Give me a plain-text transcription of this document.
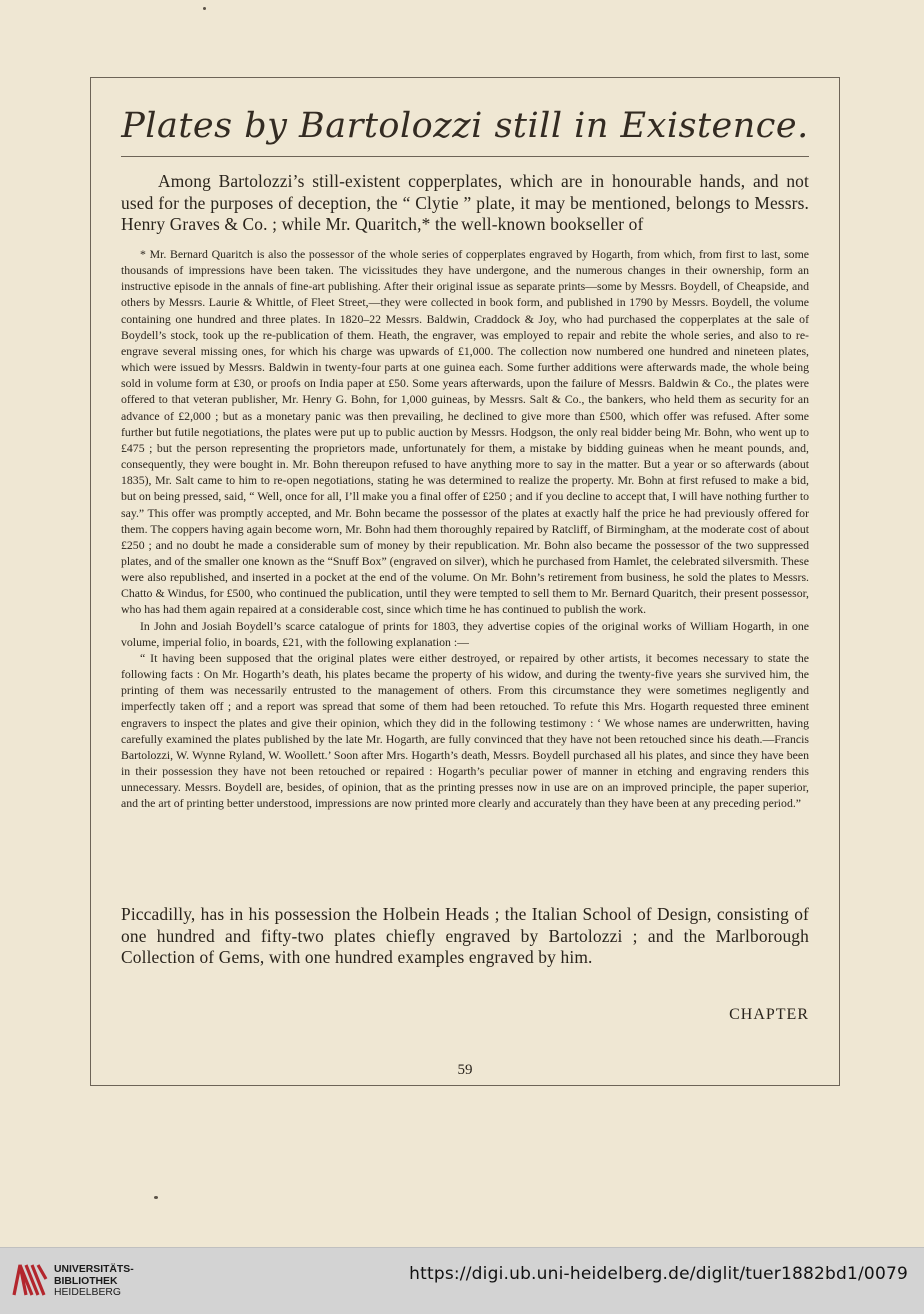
Plates by Bartolozzi still in Existence.

Among Bartolozzi’s still-existent copperplates, which are in honourable hands, and not used for the purposes of deception, the “ Clytie ” plate, it may be mentioned, belongs to Messrs. Henry Graves & Co. ; while Mr. Quaritch,* the well-known bookseller of

* Mr. Bernard Quaritch is also the possessor of the whole series of copperplates engraved by Hogarth, from which, from first to last, some thousands of impressions have been taken. The vicissitudes they have undergone, and the numerous changes in their ownership, form an instructive episode in the annals of fine-art publishing. After their original issue as separate prints—some by Messrs. Boydell, of Cheapside, and others by Messrs. Laurie & Whittle, of Fleet Street,—they were collected in book form, and published in 1790 by Messrs. Boydell, the volume containing one hundred and three plates. In 1820–22 Messrs. Baldwin, Craddock & Joy, who had purchased the copperplates at the sale of Boydell’s stock, took up the re-publication of them. Heath, the engraver, was employed to repair and rebite the whole series, and also to re-engrave several missing ones, for which his charge was upwards of £1,000. The collection now numbered one hundred and nineteen plates, which were issued by Messrs. Baldwin in twenty-four parts at one guinea each. Some further additions were afterwards made, the whole being sold in volume form at £30, or proofs on India paper at £50. Some years afterwards, upon the failure of Messrs. Baldwin & Co., the plates were offered to that veteran publisher, Mr. Henry G. Bohn, for 1,000 guineas, by Messrs. Salt & Co., the bankers, who held them as security for an advance of £2,000 ; but as a monetary panic was then prevailing, he declined to give more than £500, which offer was refused. After some further but futile negotiations, the plates were put up to public auction by Messrs. Hodgson, the only real bidder being Mr. Bohn, who went up to £475 ; but the person representing the proprietors made, unfortunately for them, a mistake by bidding guineas when he meant pounds, and, consequently, they were bought in. Mr. Bohn thereupon refused to have anything more to say in the matter. But a year or so afterwards (about 1835), Mr. Salt came to him to re-open negotiations, stating he was determined to realize the property. Mr. Bohn at first refused to make a bid, but on being pressed, said, “ Well, once for all, I’ll make you a final offer of £250 ; and if you decline to accept that, I will have nothing further to say.” This offer was promptly accepted, and Mr. Bohn became the possessor of the plates at exactly half the price he had previously offered for them. The coppers having again become worn, Mr. Bohn had them thoroughly repaired by Ratcliff, of Birmingham, at the moderate cost of about £250 ; and no doubt he made a considerable sum of money by their republication. Mr. Bohn also became the possessor of the two suppressed plates, and of the smaller one known as the “Snuff Box” (engraved on silver), which he purchased from Hamlet, the celebrated silversmith. These were also republished, and inserted in a pocket at the end of the volume. On Mr. Bohn’s retirement from business, he sold the plates to Messrs. Chatto & Windus, for £500, who continued the publication, until they were tempted to sell them to Mr. Bernard Quaritch, their present possessor, who has had them again repaired at a considerable cost, since which time he has continued to publish the work.

In John and Josiah Boydell’s scarce catalogue of prints for 1803, they advertise copies of the original works of William Hogarth, in one volume, imperial folio, in boards, £21, with the following explanation :—

“ It having been supposed that the original plates were either destroyed, or repaired by other artists, it becomes necessary to state the following facts : On Mr. Hogarth’s death, his plates became the property of his widow, and during the twenty-five years she survived him, the printing of them was necessarily entrusted to the management of others. From this circumstance they were sometimes negligently and imperfectly taken off ; and a report was spread that some of them had been retouched. To refute this Mrs. Hogarth requested three eminent engravers to inspect the plates and give their opinion, which they did in the following testimony : ‘ We whose names are underwritten, having carefully examined the plates published by the late Mr. Hogarth, are fully convinced that they have not been retouched since his death.—Francis Bartolozzi, W. Wynne Ryland, W. Woollett.’ Soon after Mrs. Hogarth’s death, Messrs. Boydell purchased all his plates, and since they have been in their possession they have not been retouched or repaired : Hogarth’s peculiar power of manner in etching and engraving renders this unnecessary. Messrs. Boydell are, besides, of opinion, that as the printing presses now in use are on an improved principle, the paper superior, and the art of printing better understood, impressions are now printed more clearly and accurately than they have been at any preceding period.”

Piccadilly, has in his possession the Holbein Heads ; the Italian School of Design, consisting of one hundred and fifty-two plates chiefly engraved by Bartolozzi ; and the Marlborough Collection of Gems, with one hundred examples engraved by him.

CHAPTER
59
UNIVERSITÄTS-
BIBLIOTHEK
HEIDELBERG
https://digi.ub.uni-heidelberg.de/diglit/tuer1882bd1/0079
